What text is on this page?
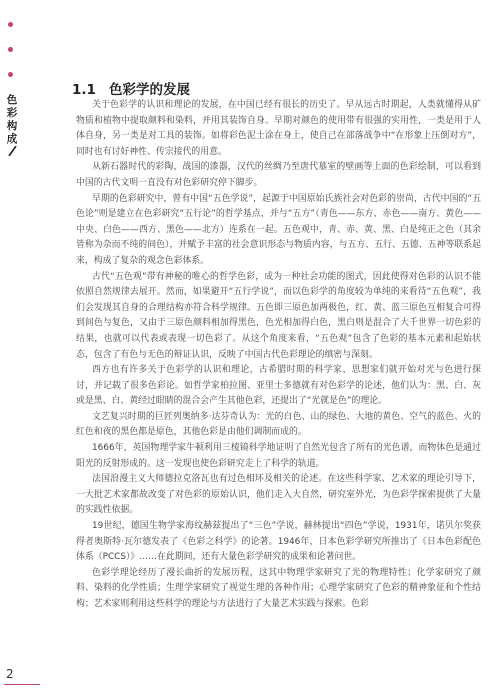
色
彩
构
成
1.1 色彩学的发展

关于色彩学的认识和理论的发展，在中国已经有很长的历史了。早从远古时期起，人类就懂得从矿物质和植物中提取颜料和染料，并用其装饰自身。早期对颜色的使用带有很强的实用性，一类是用于人体自身，另一类是对工具的装饰。如将彩色泥土涂在身上，使自己在部落战争中“在形象上压倒对方”，同时也有讨好神性、传宗接代的用意。

从新石器时代的彩陶，战国的漆器，汉代的丝绸乃至唐代墓室的壁画等上面的色彩绘制，可以看到中国的古代文明一直没有对色彩研究停下脚步。

早期的色彩研究中，曾有中国“五色学说”，起源于中国原始氏族社会对色彩的崇尚，古代中国的“五色论”则是建立在色彩研究“五行论”的哲学基点，并与“五方”（青色——东方、赤色——南方、黄色——中央、白色——西方、黑色——北方）连系在一起。五色观中，青、赤、黄、黑、白是纯正之色（其余皆称为杂而不纯的间色），并赋予丰富的社会意识形态与物质内容，与五方、五行、五德、五神等联系起来，构成了复杂的观念色彩体系。

古代“五色观”带有神秘的唯心的哲学色彩，成为一种社会功能的图式，因此使得对色彩的认识不能依照自然规律去展开。然而，如果避开“五行学说”，而以色彩学的角度较为单纯的来看待“五色观”，我们会发现其自身的合理结构亦符合科学规律。五色即三原色加两极色，红、黄、蓝三原色互相复合可得到间色与复色，又由于三原色颜料相加得黑色，色光相加得白色，黑白则是混合了大千世界一切色彩的结果，也就可以代表或表现一切色彩了。从这个角度来看，“五色观”包含了色彩的基本元素和起始状态，包含了有色与无色的辩证认识，反映了中国古代色彩理论的缜密与深刻。

西方也有许多关于色彩学的认识和理论，古希腊时期的科学家、思想家们就开始对光与色进行探讨，并记载了很多色彩论。如哲学家柏拉图、亚里士多德就有对色彩学的论述，他们认为：黑、白、灰或是黑、白、黄经过眼睛的混合会产生其他色彩，还提出了“光就是色”的理论。

文艺复兴时期的巨匠列奥纳多·达芬奇认为：光的白色、山的绿色、大地的黄色、空气的蓝色、火的红色和夜的黑色都是原色，其他色彩是由他们调制而成的。

1666年，英国物理学家牛顿利用三棱镜科学地证明了自然光包含了所有的光色谱，而物体色是通过阳光的反射形成的。这一发现也使色彩研究走上了科学的轨道。

法国浪漫主义大师德拉克洛瓦也有过色相环及相关的论述。在这些科学家、艺术家的理论引导下，一大批艺术家都故改变了对色彩的原始认识，他们走入大自然，研究室外光，为色彩学探索提供了大量的实践性依据。

19世纪，德国生物学家海纹赫兹提出了“三色”学说，赫林提出“四色”学说，1931年，诺贝尔奖获得者奥斯特·瓦尔德发表了《色彩之科学》的论著。1946年，日本色彩学研究所推出了《日本色彩配色体系（PCCS）》……在此期间，还有大量色彩学研究的成果和论著问世。

色彩学理论经历了漫长曲折的发展历程，这其中物理学家研究了光的物理特性；化学家研究了颜料、染料的化学性质；生理学家研究了视觉生理的各种作用；心理学家研究了色彩的精神象征和个性结构；艺术家则利用这些科学的理论与方法进行了大量艺术实践与探索。色彩

2
